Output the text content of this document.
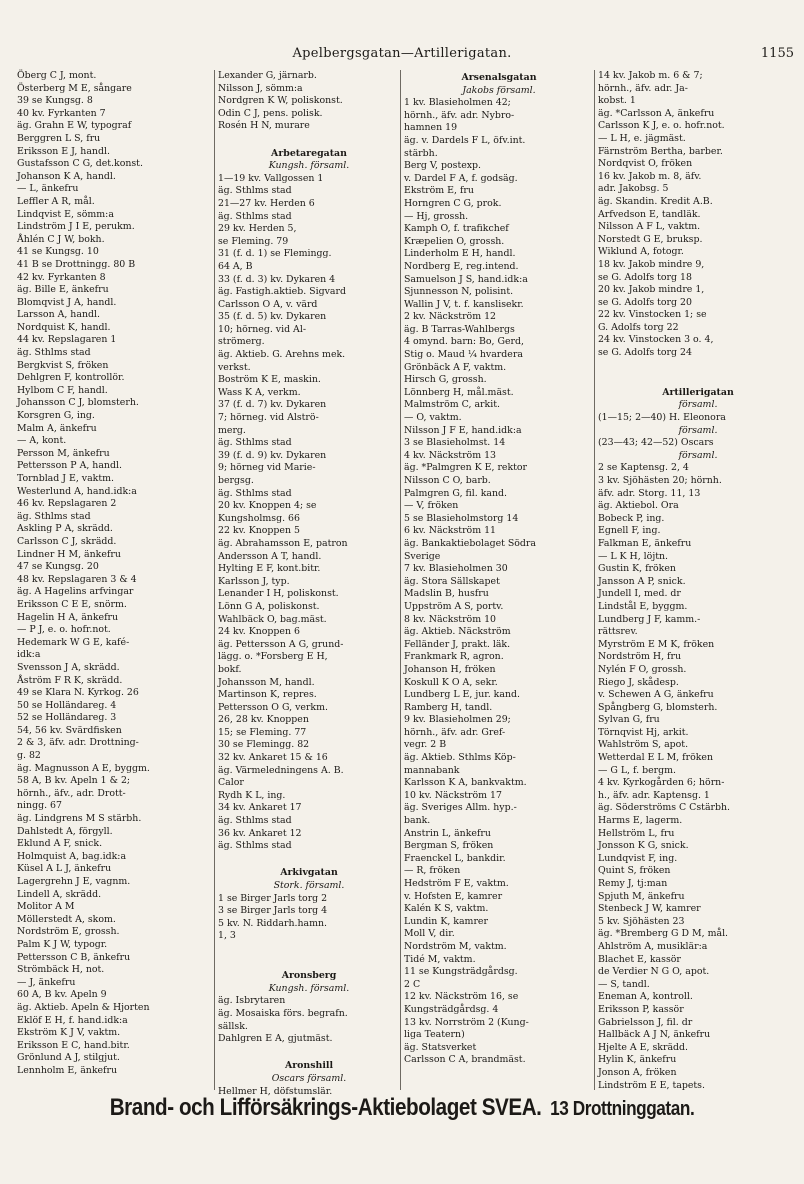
Apelbergsgatan—Artillerigatan.	1155
Öberg C J, mont.
Österberg M E, sångare
39 se Kungsg. 8
40 kv. Fyrkanten 7
äg. Grahn E W, typograf
Berggren L S, fru
Eriksson E J, handl.
Gustafsson C G, det.konst.
Johanson K A, handl.
— L, änkefru
Leffler A R, mål.
Lindqvist E, sömm:a
Lindström J I E, perukm.
Åhlén C J W, bokh.
41 se Kungsg. 10
41 B se Drottningg. 80 B
42 kv. Fyrkanten 8
äg. Bille E, änkefru
Blomqvist J A, handl.
Larsson A, handl.
Nordquist K, handl.
44 kv. Repslagaren 1
äg. Sthlms stad
Bergkvist S, fröken
Dehlgren F, kontrollör.
Hylbom C F, handl.
Johansson C J, blomsterh.
Korsgren G, ing.
Malm A, änkefru
— A, kont.
Persson M, änkefru
Pettersson P A, handl.
Tornblad J E, vaktm.
Westerlund A, hand.idk:a
46 kv. Repslagaren 2
äg. Sthlms stad
Askling P A, skrädd.
Carlsson C J, skrädd.
Lindner H M, änkefru
47 se Kungsg. 20
48 kv. Repslagaren 3 & 4
äg. A Hagelins arfvingar
Eriksson C E E, snörm.
Hagelin H A, änkefru
— P J, e. o. hofr.not.
Hedemark W G E, kafé-
idk:a
Svensson J A, skrädd.
Åström F R K, skrädd.
49 se Klara N. Kyrkog. 26
50 se Holländareg. 4
52 se Holländareg. 3
54, 56 kv. Svärdfisken
2 & 3, äfv. adr. Drottning-
g. 82
äg. Magnusson A E, byggm.
58 A, B kv. Apeln 1 & 2;
hörnh., äfv., adr. Drott-
ningg. 67
äg. Lindgrens M S stärbh.
Dahlstedt A, förgyll.
Eklund A F, snick.
Holmquist A, bag.idk:a
Küsel A L J, änkefru
Lagergrehn J E, vagnm.
Lindell A, skrädd.
Molitor A M
Möllerstedt A, skom.
Nordström E, grossh.
Palm K J W, typogr.
Pettersson C B, änkefru
Strömbäck H, not.
— J, änkefru
60 A, B kv. Apeln 9
äg. Aktieb. Apeln & Hjorten
Eklöf E H, f. hand.idk:a
Ekström K J V, vaktm.
Eriksson E C, hand.bitr.
Grönlund A J, stilgjut.
Lennholm E, änkefru
Lexander G, järnarb.
Nilsson J, sömm:a
Nordgren K W, poliskonst.
Odin C J, pens. polisk.
Rosén H N, murare

Arbetaregatan
Kungsh. församl.
1—19 kv. Vallgossen 1
äg. Sthlms stad
21—27 kv. Herden 6
äg. Sthlms stad
29 kv. Herden 5,
se Fleming. 79
31 (f. d. 1) se Flemingg.
64 A, B
33 (f. d. 3) kv. Dykaren 4
äg. Fastigh.aktieb. Sigvard
Carlsson O A, v. värd
35 (f. d. 5) kv. Dykaren
10; hörneg. vid Al-
strömerg.
äg. Aktieb. G. Arehns mek.
verkst.
Boström K E, maskin.
Wass K A, verkm.
37 (f. d. 7) kv. Dykaren
7; hörneg. vid Alströ-
merg.
äg. Sthlms stad
39 (f. d. 9) kv. Dykaren
9; hörneg vid Marie-
bergsg.
äg. Sthlms stad
20 kv. Knoppen 4; se
Kungsholmsg. 66
22 kv. Knoppen 5
äg. Abrahamsson E, patron
Andersson A T, handl.
Hylting E F, kont.bitr.
Karlsson J, typ.
Lenander I H, poliskonst.
Lönn G A, poliskonst.
Wahlbäck O, bag.mäst.
24 kv. Knoppen 6
äg. Pettersson A G, grund-
lägg. o. *Forsberg E H,
bokf.
Johansson M, handl.
Martinson K, repres.
Pettersson O G, verkm.
26, 28 kv. Knoppen
15; se Fleming. 77
30 se Flemingg. 82
32 kv. Ankaret 15 & 16
äg. Värmeledningens A. B.
Calor
Rydh K L, ing.
34 kv. Ankaret 17
äg. Sthlms stad
36 kv. Ankaret 12
äg. Sthlms stad

Arkivgatan
Stork. församl.
1 se Birger Jarls torg 2
3 se Birger Jarls torg 4
5 kv. N. Riddarh.hamn.
1, 3

Aronsberg
Kungsh. församl.
äg. Isbrytaren
äg. Mosaiska förs. begrafn.
sällsk.
Dahlgren E A, gjutmäst.

Aronshill
Oscars församl.
Hellmer H, döfstumslär.
Arsenalsgatan
Jakobs församl.
1 kv. Blasieholmen 42;
hörnh., äfv. adr. Nybro-
hamnen 19
äg. v. Dardels F L, öfv.int.
stärbh.
Berg V, postexp.
v. Dardel F A, f. godsäg.
Ekström E, fru
Horngren C G, prok.
— Hj, grossh.
Kamph O, f. trafikchef
Kræpelien O, grossh.
Linderholm E H, handl.
Nordberg E, reg.intend.
Samuelson J S, hand.idk:a
Sjunnesson N, polisint.
Wallin J V, t. f. kanslisekr.
2 kv. Näckström 12
äg. B Tarras-Wahlbergs
4 omynd. barn: Bo, Gerd,
Stig o. Maud ¼ hvardera
Grönbäck A F, vaktm.
Hirsch G, grossh.
Lönnberg H, mål.mäst.
Malmström C, arkit.
— O, vaktm.
Nilsson J F E, hand.idk:a
3 se Blasieholmst. 14
4 kv. Näckström 13
äg. *Palmgren K E, rektor
Nilsson C O, barb.
Palmgren G, fil. kand.
— V, fröken
5 se Blasieholmstorg 14
6 kv. Näckström 11
äg. Bankaktiebolaget Södra
Sverige
7 kv. Blasieholmen 30
äg. Stora Sällskapet
Madslin B, husfru
Uppström A S, portv.
8 kv. Näckström 10
äg. Aktieb. Näckström
Felländer J, prakt. läk.
Frankmark R, agron.
Johanson H, fröken
Koskull K O A, sekr.
Lundberg L E, jur. kand.
Ramberg H, tandl.
9 kv. Blasieholmen 29;
hörnh., äfv. adr. Gref-
vegr. 2 B
äg. Aktieb. Sthlms Köp-
mannabank
Karlsson K A, bankvaktm.
10 kv. Näckström 17
äg. Sveriges Allm. hyp.-
bank.
Anstrin L, änkefru
Bergman S, fröken
Fraenckel L, bankdir.
— R, fröken
Hedström F E, vaktm.
v. Hofsten E, kamrer
Kalén K S, vaktm.
Lundin K, kamrer
Moll V, dir.
Nordström M, vaktm.
Tidé M, vaktm.
11 se Kungsträdgårdsg.
2 C
12 kv. Näckström 16, se
Kungsträdgårdsg. 4
13 kv. Norrström 2 (Kung-
liga Teatern)
äg. Statsverket
Carlsson C A, brandmäst.
14 kv. Jakob m. 6 & 7;
hörnh., äfv. adr. Ja-
kobst. 1
äg. *Carlsson A, änkefru
Carlsson K J, e. o. hofr.not.
— L H, e. jägmäst.
Färnström Bertha, barber.
Nordqvist O, fröken
16 kv. Jakob m. 8, äfv.
adr. Jakobsg. 5
äg. Skandin. Kredit A.B.
Arfvedson E, tandläk.
Nilsson A F L, vaktm.
Norstedt G E, bruksp.
Wiklund A, fotogr.
18 kv. Jakob mindre 9,
se G. Adolfs torg 18
20 kv. Jakob mindre 1,
se G. Adolfs torg 20
22 kv. Vinstocken 1; se
G. Adolfs torg 22
24 kv. Vinstocken 3 o. 4,
se G. Adolfs torg 24

Artillerigatan
församl.
(1—15; 2—40) H. Eleonora
församl.
(23—43; 42—52) Oscars
församl.
2 se Kaptensg. 2, 4
3 kv. Sjöhästen 20; hörnh.
äfv. adr. Storg. 11, 13
äg. Aktiebol. Ora
Bobeck P, ing.
Egnell F, ing.
Falkman E, änkefru
— L K H, löjtn.
Gustin K, fröken
Jansson A P, snick.
Jundell I, med. dr
Lindstål E, byggm.
Lundberg J F, kamm.-
rättsrev.
Myrström E M K, fröken
Nordström H, fru
Nylén F O, grossh.
Riego J, skådesp.
v. Schewen A G, änkefru
Spångberg G, blomsterh.
Sylvan G, fru
Törnqvist Hj, arkit.
Wahlström S, apot.
Wetterdal E L M, fröken
— G L, f. bergm.
4 kv. Kyrkogården 6; hörn-
h., äfv. adr. Kaptensg. 1
äg. Söderströms C Cstärbh.
Harms E, lagerm.
Hellström L, fru
Jonsson K G, snick.
Lundqvist F, ing.
Quint S, fröken
Remy J, tj:man
Spjuth M, änkefru
Stenbeck J W, kamrer
5 kv. Sjöhästen 23
äg. *Bremberg G D M, mål.
Ahlström A, musiklär:a
Blachet E, kassör
de Verdier N G O, apot.
— S, tandl.
Eneman A, kontroll.
Eriksson P, kassör
Gabrielsson J, fil. dr
Hallbäck A J N, änkefru
Hjelte A E, skrädd.
Hylin K, änkefru
Jonson A, fröken
Lindström E E, tapets.
Brand- och Lifförsäkrings-Aktiebolaget SVEA. 13 Drottninggatan.
